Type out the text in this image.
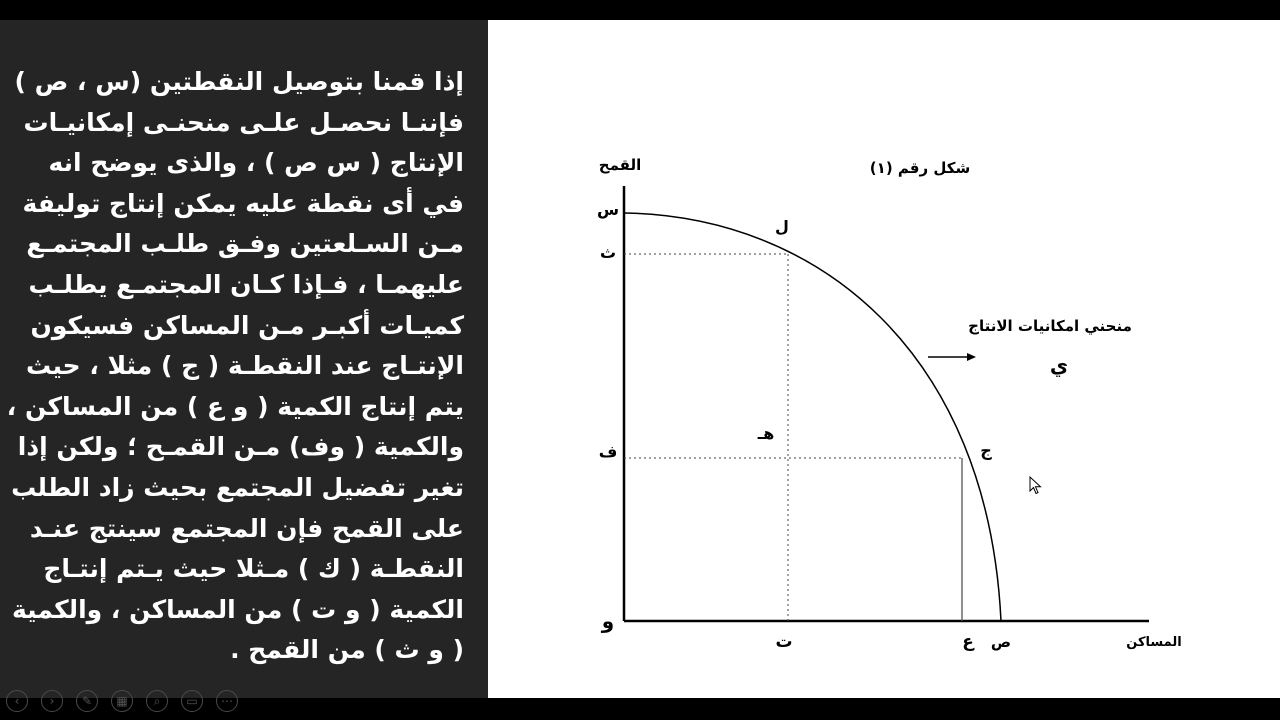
إذا قمنا بتوصيل النقطتين (س ، ص )
فإننـا نحصـل علـى منحنـى إمكانيـات
الإنتاج ( س ص ) ، والذى يوضح انه
في أى نقطة عليه يمكن إنتاج توليفة
مـن السـلعتين وفـق طلـب المجتمـع
عليهمـا ، فـإذا كـان المجتمـع يطلـب
كميـات أكبـر مـن المساكن فسيكون
الإنتـاج عند النقطـة ( ج ) مثلا ، حيث
يتم إنتاج الكمية ( و ع ) من المساكن ،
والكمية ( وف) مـن القمـح ؛ ولكن إذا
تغير تفضيل المجتمع بحيث زاد الطلب
على القمح فإن المجتمع سينتج عنـد
النقطـة ( ك ) مـثلا حيث يـتم إنتـاج
الكمية ( و ت ) من المساكن ، والكمية
( و ث ) من القمح .
‹	› ✎ ▦ ⌕ ▭ ⋯
القمح	شكل رقم (١)
س
ث
ف
و
ل
ج
هـ
منحني امكانيات الانتاج
ي
ت	ع ص	المساكن
